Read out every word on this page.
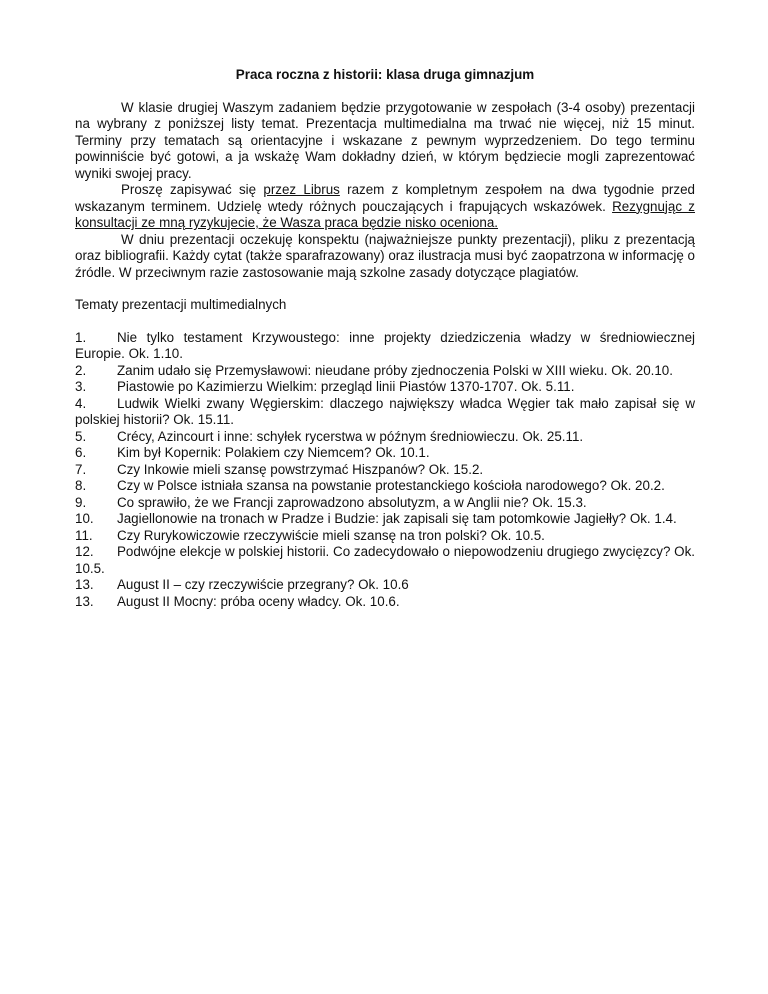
Praca roczna z historii: klasa druga gimnazjum

W klasie drugiej Waszym zadaniem będzie przygotowanie w zespołach (3-4 osoby) prezentacji na wybrany z poniższej listy temat. Prezentacja multimedialna ma trwać nie więcej, niż 15 minut. Terminy przy tematach są orientacyjne i wskazane z pewnym wyprzedzeniem. Do tego terminu powinniście być gotowi, a ja wskażę Wam dokładny dzień, w którym będziecie mogli zaprezentować wyniki swojej pracy.

Proszę zapisywać się przez Librus razem z kompletnym zespołem na dwa tygodnie przed wskazanym terminem. Udzielę wtedy różnych pouczających i frapujących wskazówek. Rezygnując z konsultacji ze mną ryzykujecie, że Wasza praca będzie nisko oceniona.

W dniu prezentacji oczekuję konspektu (najważniejsze punkty prezentacji), pliku z prezentacją oraz bibliografii. Każdy cytat (także sparafrazowany) oraz ilustracja musi być zaopatrzona w informację o źródle. W przeciwnym razie zastosowanie mają szkolne zasady dotyczące plagiatów.

Tematy prezentacji multimedialnych
1. Nie tylko testament Krzywoustego: inne projekty dziedziczenia władzy w średniowiecznej Europie. Ok. 1.10.
2. Zanim udało się Przemysławowi: nieudane próby zjednoczenia Polski w XIII wieku. Ok. 20.10.
3. Piastowie po Kazimierzu Wielkim: przegląd linii Piastów 1370-1707. Ok. 5.11.
4. Ludwik Wielki zwany Węgierskim: dlaczego największy władca Węgier tak mało zapisał się w polskiej historii? Ok. 15.11.
5. Crécy, Azincourt i inne: schyłek rycerstwa w późnym średniowieczu. Ok. 25.11.
6. Kim był Kopernik: Polakiem czy Niemcem? Ok. 10.1.
7. Czy Inkowie mieli szansę powstrzymać Hiszpanów? Ok. 15.2.
8. Czy w Polsce istniała szansa na powstanie protestanckiego kościoła narodowego? Ok. 20.2.
9. Co sprawiło, że we Francji zaprowadzono absolutyzm, a w Anglii nie? Ok. 15.3.
10. Jagiellonowie na tronach w Pradze i Budzie: jak zapisali się tam potomkowie Jagiełły? Ok. 1.4.
11. Czy Rurykowiczowie rzeczywiście mieli szansę na tron polski? Ok. 10.5.
12. Podwójne elekcje w polskiej historii. Co zadecydowało o niepowodzeniu drugiego zwycięzcy? Ok. 10.5.
13. August II – czy rzeczywiście przegrany? Ok. 10.6
13. August II Mocny: próba oceny władcy. Ok. 10.6.
